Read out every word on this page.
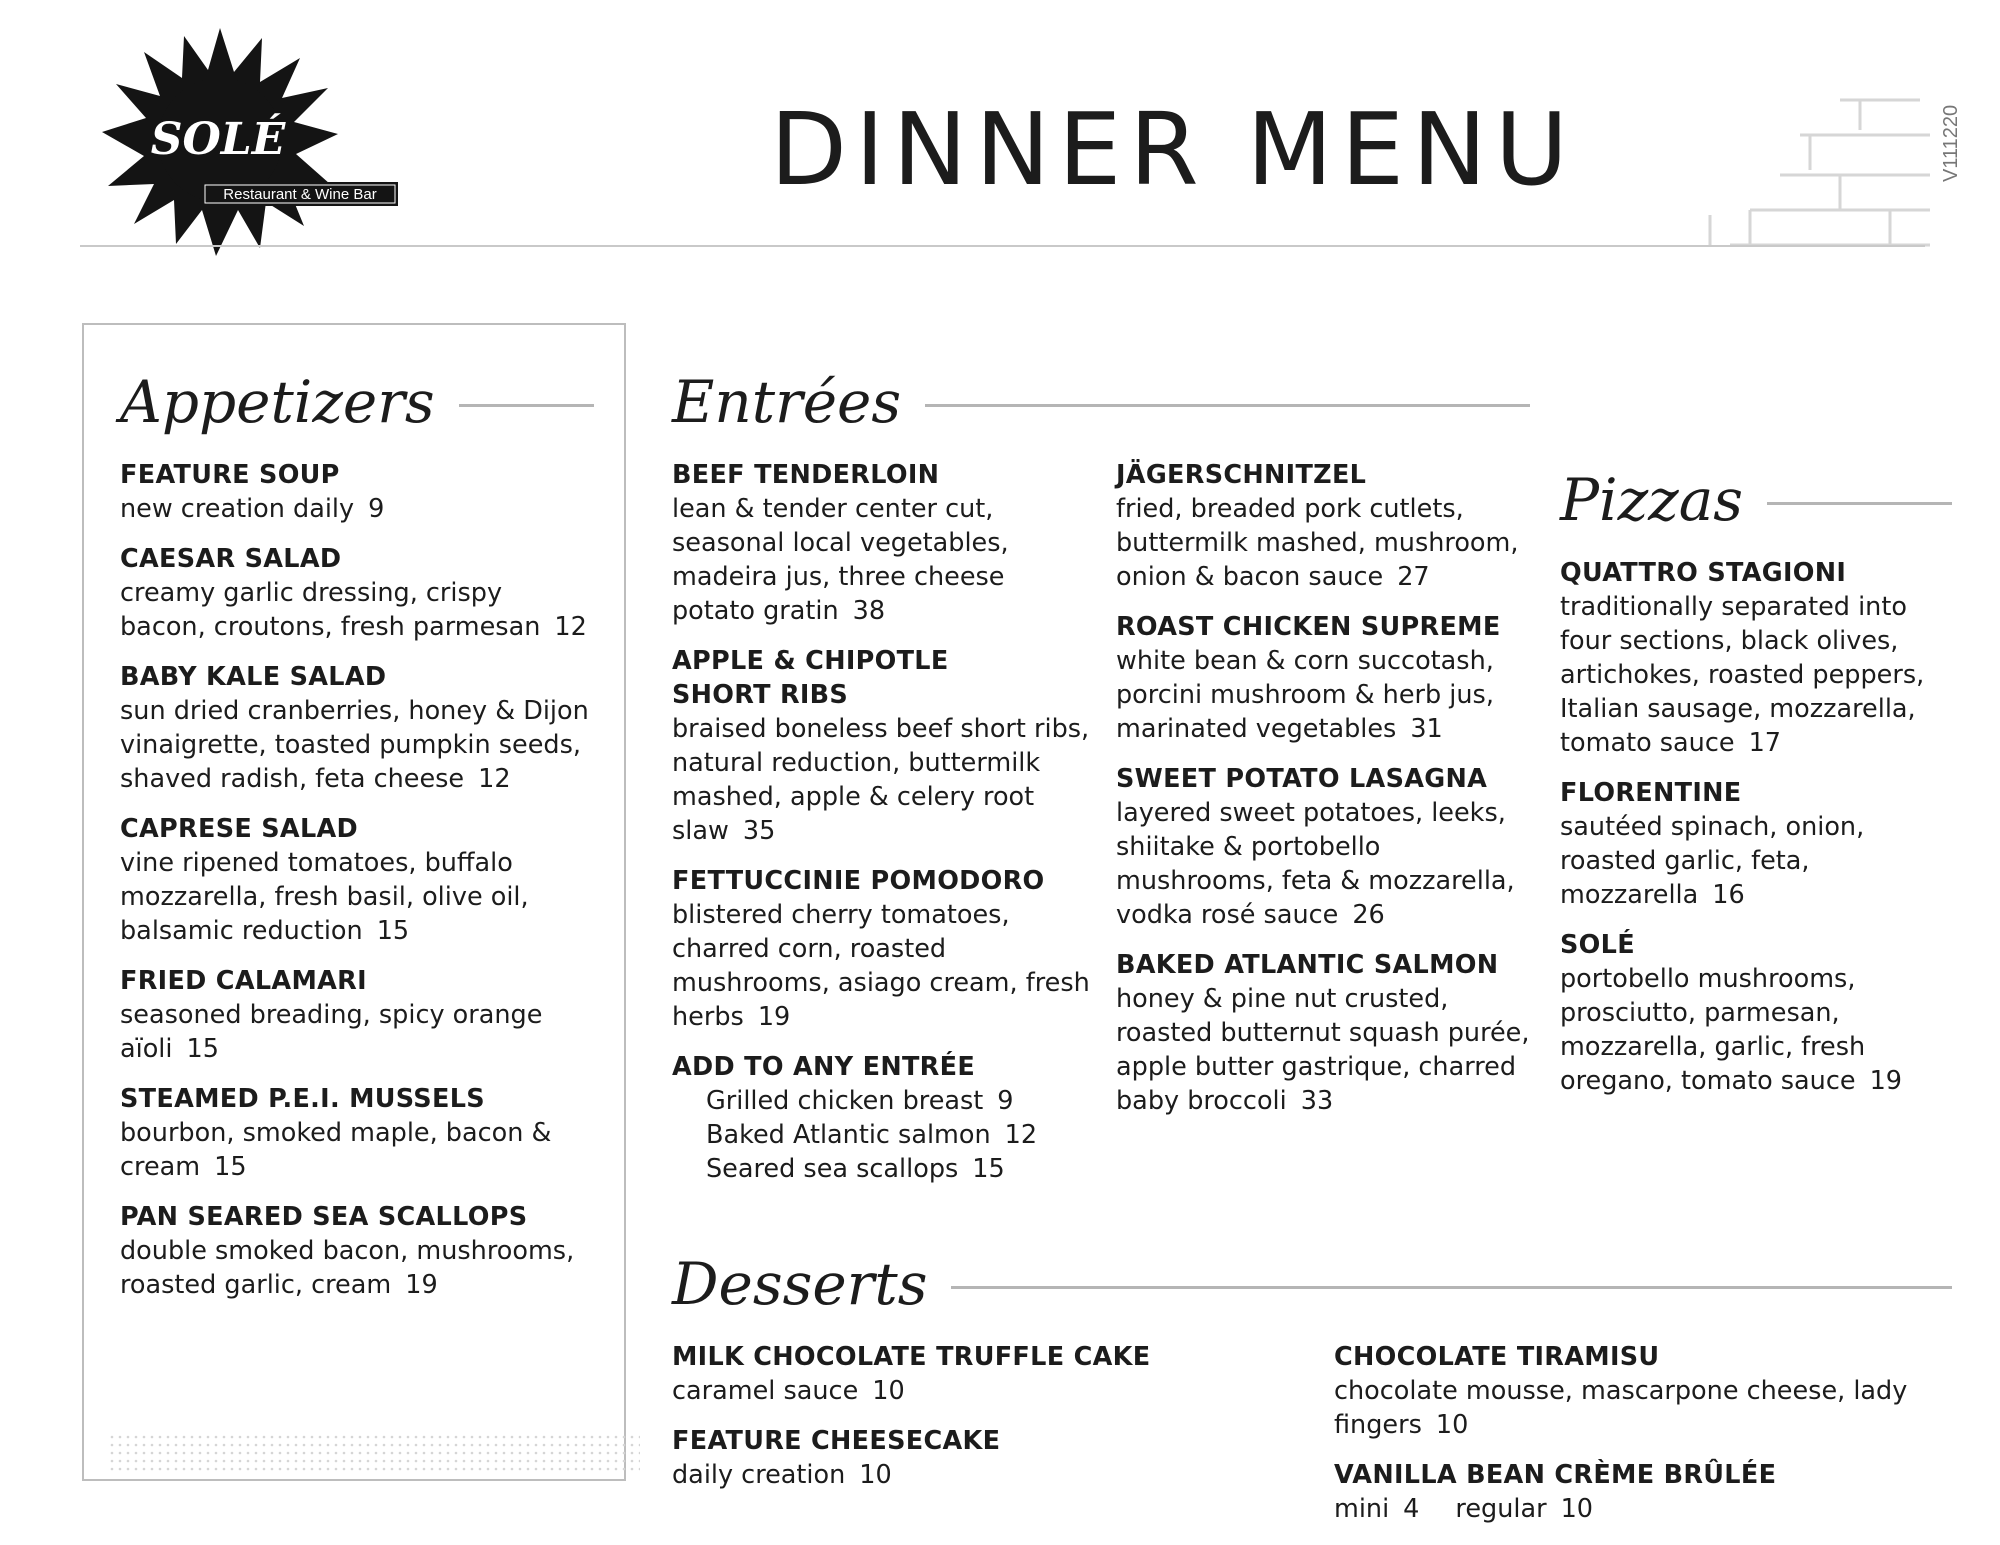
SOLÉ
Restaurant & Wine Bar	DINNER MENU	V111220
Appetizers
FEATURE SOUP
new creation daily 9
CAESAR SALAD
creamy garlic dressing, crispy bacon, croutons, fresh parmesan 12
BABY KALE SALAD
sun dried cranberries, honey & Dijon vinaigrette, toasted pumpkin seeds, shaved radish, feta cheese 12
CAPRESE SALAD
vine ripened tomatoes, buffalo mozzarella, fresh basil, olive oil, balsamic reduction 15
FRIED CALAMARI
seasoned breading, spicy orange aïoli 15
STEAMED P.E.I. MUSSELS
bourbon, smoked maple, bacon & cream 15
PAN SEARED SEA SCALLOPS
double smoked bacon, mushrooms, roasted garlic, cream 19
Entrées
BEEF TENDERLOIN
lean & tender center cut, seasonal local vegetables, madeira jus, three cheese potato gratin 38
APPLE & CHIPOTLE
SHORT RIBS
braised boneless beef short ribs, natural reduction, buttermilk mashed, apple & celery root slaw 35
FETTUCCINIE POMODORO
blistered cherry tomatoes, charred corn, roasted mushrooms, asiago cream, fresh herbs 19
ADD TO ANY ENTRÉE
Grilled chicken breast 9
Baked Atlantic salmon 12
Seared sea scallops 15
JÄGERSCHNITZEL
fried, breaded pork cutlets, buttermilk mashed, mushroom, onion & bacon sauce 27
ROAST CHICKEN SUPREME
white bean & corn succotash, porcini mushroom & herb jus, marinated vegetables 31
SWEET POTATO LASAGNA
layered sweet potatoes, leeks, shiitake & portobello mushrooms, feta & mozzarella, vodka rosé sauce 26
BAKED ATLANTIC SALMON
honey & pine nut crusted, roasted butternut squash purée, apple butter gastrique, charred baby broccoli 33
Pizzas
QUATTRO STAGIONI
traditionally separated into four sections, black olives, artichokes, roasted peppers, Italian sausage, mozzarella, tomato sauce 17
FLORENTINE
sautéed spinach, onion, roasted garlic, feta, mozzarella 16
SOLÉ
portobello mushrooms, prosciutto, parmesan, mozzarella, garlic, fresh oregano, tomato sauce 19
Desserts
MILK CHOCOLATE TRUFFLE CAKE
caramel sauce 10
FEATURE CHEESECAKE
daily creation 10
CHOCOLATE TIRAMISU
chocolate mousse, mascarpone cheese, lady fingers 10
VANILLA BEAN CRÈME BRÛLÉE
mini 4 regular 10
